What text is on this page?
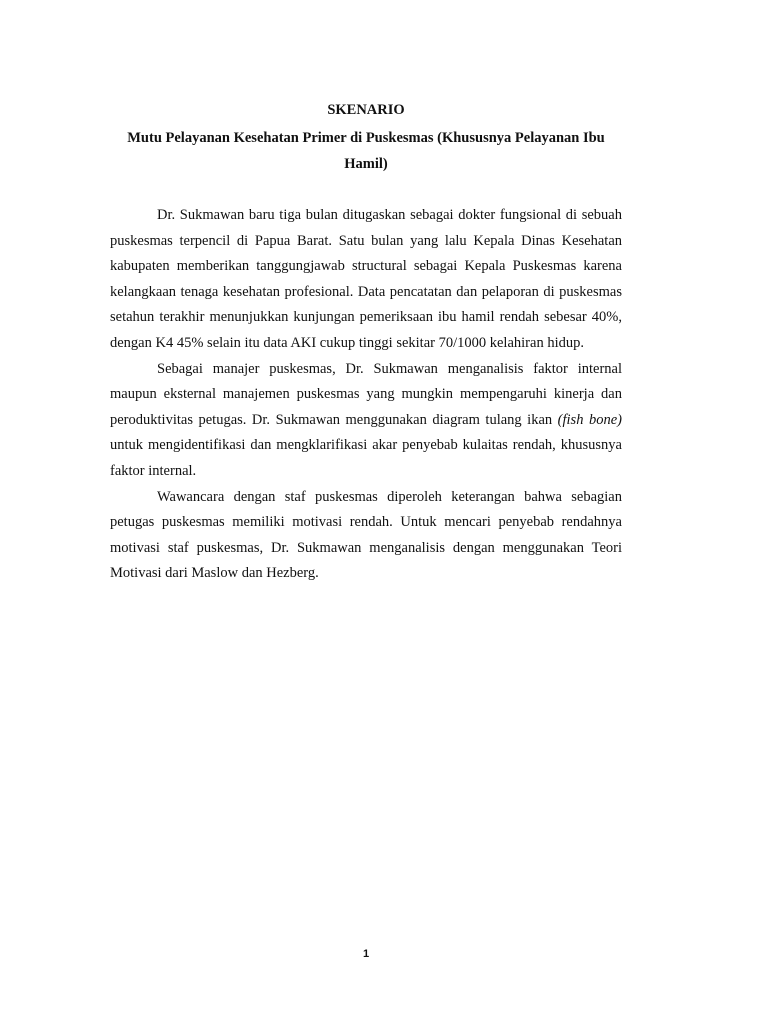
SKENARIO
Mutu Pelayanan Kesehatan Primer di Puskesmas (Khususnya Pelayanan Ibu Hamil)

Dr. Sukmawan baru tiga bulan ditugaskan sebagai dokter fungsional di sebuah puskesmas terpencil di Papua Barat. Satu bulan yang lalu Kepala Dinas Kesehatan kabupaten memberikan tanggungjawab structural sebagai Kepala Puskesmas karena kelangkaan tenaga kesehatan profesional. Data pencatatan dan pelaporan di puskesmas setahun terakhir menunjukkan kunjungan pemeriksaan ibu hamil rendah sebesar 40%, dengan K4 45% selain itu data AKI cukup tinggi sekitar 70/1000 kelahiran hidup.

Sebagai manajer puskesmas, Dr. Sukmawan menganalisis faktor internal maupun eksternal manajemen puskesmas yang mungkin mempengaruhi kinerja dan peroduktivitas petugas. Dr. Sukmawan menggunakan diagram tulang ikan (fish bone) untuk mengidentifikasi dan mengklarifikasi akar penyebab kulaitas rendah, khususnya faktor internal.

Wawancara dengan staf puskesmas diperoleh keterangan bahwa sebagian petugas puskesmas memiliki motivasi rendah. Untuk mencari penyebab rendahnya motivasi staf puskesmas, Dr. Sukmawan menganalisis dengan menggunakan Teori Motivasi dari Maslow dan Hezberg.

1
